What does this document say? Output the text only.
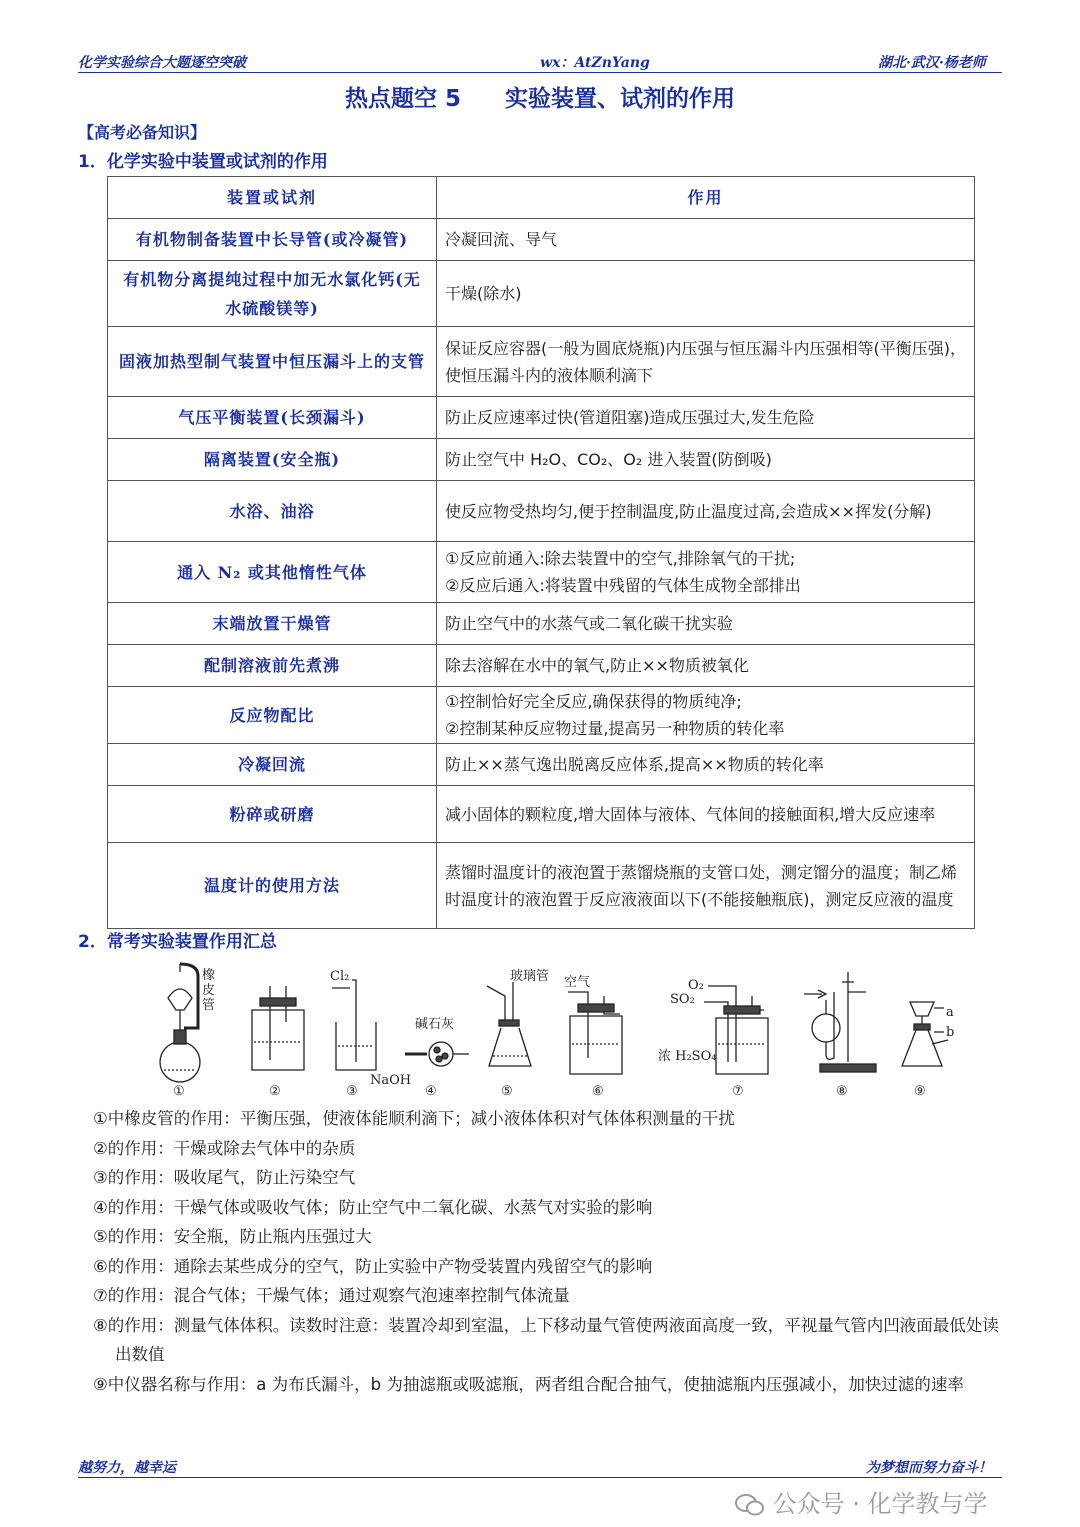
化学实验综合大题逐空突破	wx：AtZnYang	湖北·武汉·杨老师
热点题空 5 实验装置、试剂的作用
【高考必备知识】
1．化学实验中装置或试剂的作用
装置或试剂	作用
有机物制备装置中长导管(或冷凝管)	冷凝回流、导气
有机物分离提纯过程中加无水氯化钙(无水硫酸镁等)	干燥(除水)
固液加热型制气装置中恒压漏斗上的支管	保证反应容器(一般为圆底烧瓶)内压强与恒压漏斗内压强相等(平衡压强)，使恒压漏斗内的液体顺利滴下
气压平衡装置(长颈漏斗)	防止反应速率过快(管道阻塞)造成压强过大,发生危险
隔离装置(安全瓶)	防止空气中 H₂O、CO₂、O₂ 进入装置(防倒吸)
水浴、油浴	使反应物受热均匀,便于控制温度,防止温度过高,会造成××挥发(分解)
通入 N₂ 或其他惰性气体	①反应前通入:除去装置中的空气,排除氧气的干扰;
②反应后通入:将装置中残留的气体生成物全部排出
末端放置干燥管	防止空气中的水蒸气或二氧化碳干扰实验
配制溶液前先煮沸	除去溶解在水中的氧气,防止××物质被氧化
反应物配比	①控制恰好完全反应,确保获得的物质纯净;
②控制某种反应物过量,提高另一种物质的转化率
冷凝回流	防止××蒸气逸出脱离反应体系,提高××物质的转化率
粉碎或研磨	减小固体的颗粒度,增大固体与液体、气体间的接触面积,增大反应速率
温度计的使用方法	蒸馏时温度计的液泡置于蒸馏烧瓶的支管口处，测定馏分的温度；制乙烯时温度计的液泡置于反应液液面以下(不能接触瓶底)，测定反应液的温度
2．常考实验装置作用汇总
橡皮管
①	②
Cl₂
NaOH
③
碱石灰
④
玻璃管
⑤
空气
⑥
O₂
SO₂
浓 H₂SO₄
⑦	⑧
a
b
⑨

①中橡皮管的作用：平衡压强，使液体能顺利滴下；减小液体体积对气体体积测量的干扰

②的作用：干燥或除去气体中的杂质

③的作用：吸收尾气，防止污染空气

④的作用：干燥气体或吸收气体；防止空气中二氧化碳、水蒸气对实验的影响

⑤的作用：安全瓶，防止瓶内压强过大

⑥的作用：通除去某些成分的空气，防止实验中产物受装置内残留空气的影响

⑦的作用：混合气体；干燥气体；通过观察气泡速率控制气体流量

⑧的作用：测量气体体积。读数时注意：装置冷却到室温，上下移动量气管使两液面高度一致，平视量气管内凹液面最低处读出数值

⑨中仪器名称与作用：a 为布氏漏斗，b 为抽滤瓶或吸滤瓶，两者组合配合抽气，使抽滤瓶内压强减小，加快过滤的速率

越努力，越幸运	为梦想而努力奋斗！
公众号 · 化学教与学
